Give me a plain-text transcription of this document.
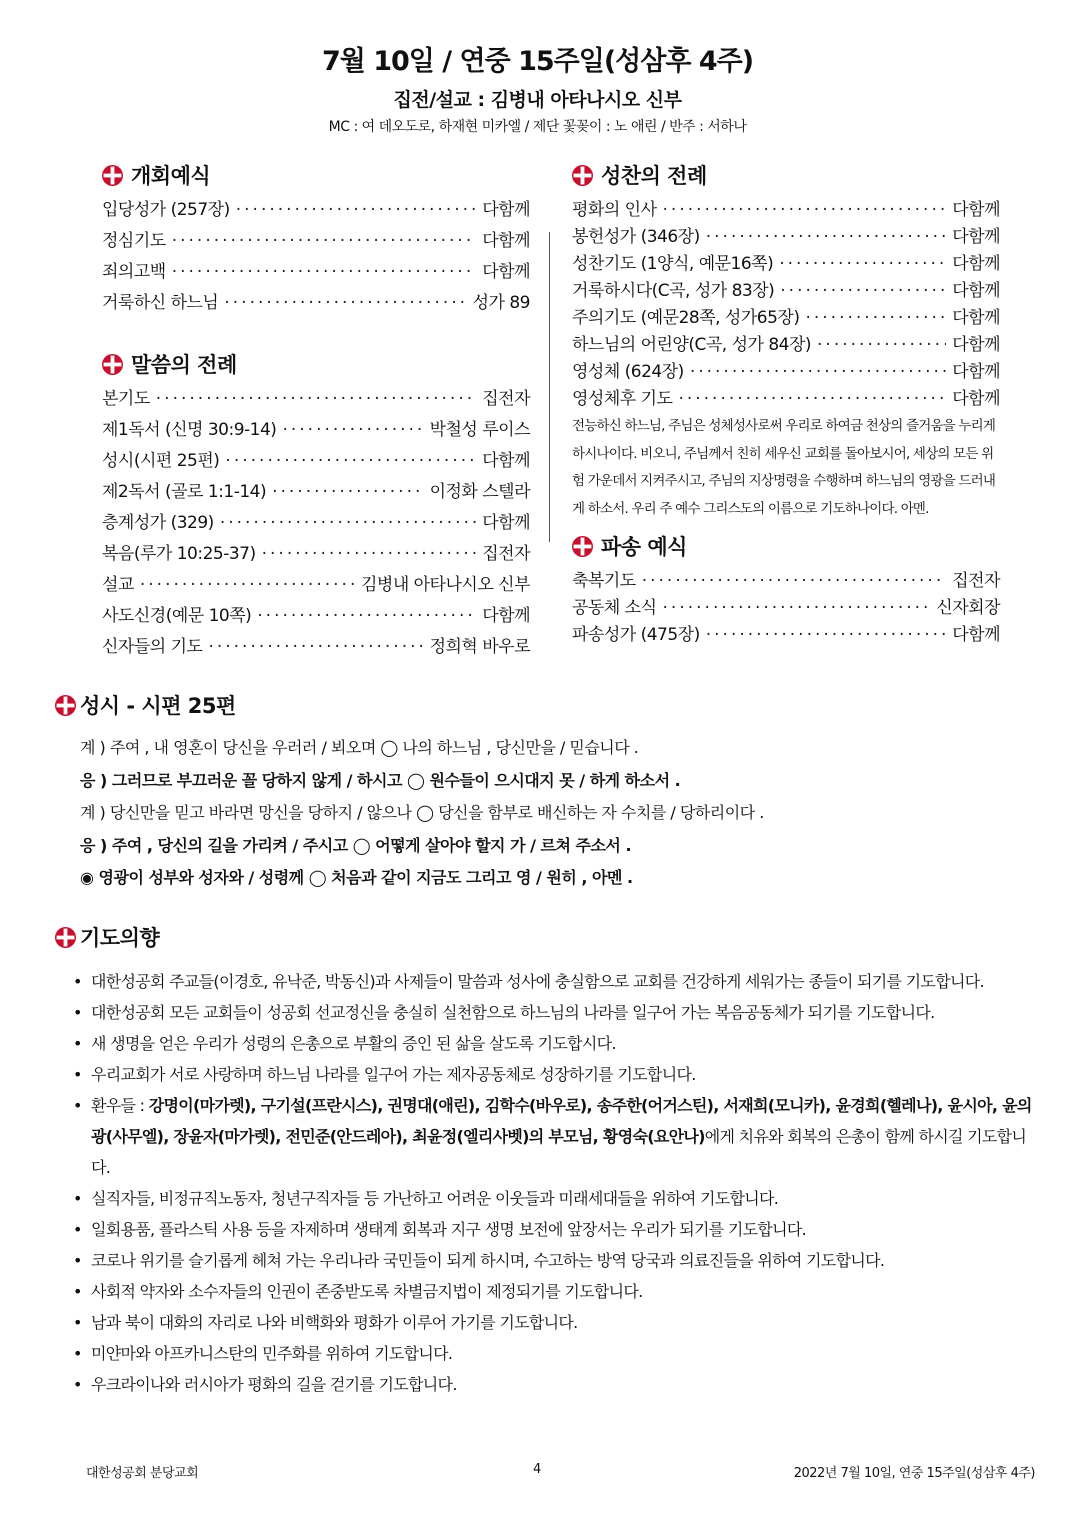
7월 10일 / 연중 15주일(성삼후 4주)
집전/설교 : 김병내 아타나시오 신부
MC : 여 데오도로, 하재현 미카엘 / 제단 꽃꽂이 : 노 애린 / 반주 : 서하나
개회예식
입당성가 (257장) ·····	다함께
정심기도 ·····	다함께
죄의고백 ·····	다함께
거룩하신 하느님 ·····	성가 89
말씀의 전례
본기도 ·····	집전자
제1독서 (신명 30:9-14) ·····	박철성 루이스
성시(시편 25편) ·····	다함께
제2독서 (골로 1:1-14) ·····	이정화 스텔라
층계성가 (329) ·····	다함께
복음(루가 10:25-37) ·····	집전자
설교 ·····	김병내 아타나시오 신부
사도신경(예문 10쪽) ·····	다함께
신자들의 기도 ·····	정희혁 바우로
성찬의 전례
평화의 인사 ·····	다함께
봉헌성가 (346장) ·····	다함께
성찬기도 (1양식, 예문16쪽) ·····	다함께
거룩하시다(C곡, 성가 83장) ·····	다함께
주의기도 (예문28쪽, 성가65장) ·····	다함께
하느님의 어린양(C곡, 성가 84장) ·····	다함께
영성체 (624장) ·····	다함께
영성체후 기도 ·····	다함께
전능하신 하느님, 주님은 성체성사로써 우리로 하여금 천상의 즐거움을 누리게 하시나이다. 비오니, 주님께서 친히 세우신 교회를 돌아보시어, 세상의 모든 위험 가운데서 지켜주시고, 주님의 지상명령을 수행하며 하느님의 영광을 드러내게 하소서. 우리 주 예수 그리스도의 이름으로 기도하나이다. 아멘.
파송 예식
축복기도 ·····	집전자
공동체 소식 ·····	신자회장
파송성가 (475장) ·····	다함께
성시 - 시편 25편
계 ) 주여 , 내 영혼이 당신을 우러러 / 뵈오며 ◯ 나의 하느님 , 당신만을 / 믿습니다 .
응 ) 그러므로 부끄러운 꼴 당하지 않게 / 하시고 ◯ 원수들이 으시대지 못 / 하게 하소서 .
계 ) 당신만을 믿고 바라면 망신을 당하지 / 않으나 ◯ 당신을 함부로 배신하는 자 수치를 / 당하리이다 .
응 ) 주여 , 당신의 길을 가리켜 / 주시고 ◯ 어떻게 살아야 할지 가 / 르쳐 주소서 .
◉ 영광이 성부와 성자와 / 성령께 ◯ 처음과 같이 지금도 그리고 영 / 원히 , 아멘 .
기도의향
• 대한성공회 주교들(이경호, 유낙준, 박동신)과 사제들이 말씀과 성사에 충실함으로 교회를 건강하게 세워가는 종들이 되기를 기도합니다.
• 대한성공회 모든 교회들이 성공회 선교정신을 충실히 실천함으로 하느님의 나라를 일구어 가는 복음공동체가 되기를 기도합니다.
• 새 생명을 얻은 우리가 성령의 은총으로 부활의 증인 된 삶을 살도록 기도합시다.
• 우리교회가 서로 사랑하며 하느님 나라를 일구어 가는 제자공동체로 성장하기를 기도합니다.
• 환우들 : 강명이(마가렛), 구기설(프란시스), 권명대(애린), 김학수(바우로), 송주한(어거스틴), 서재희(모니카), 윤경희(헬레나), 윤시아, 윤의광(사무엘), 장윤자(마가렛), 전민준(안드레아), 최윤정(엘리사벳)의 부모님, 황영숙(요안나)에게 치유와 회복의 은총이 함께 하시길 기도합니다.
• 실직자들, 비정규직노동자, 청년구직자들 등 가난하고 어려운 이웃들과 미래세대들을 위하여 기도합니다.
• 일회용품, 플라스틱 사용 등을 자제하며 생태계 회복과 지구 생명 보전에 앞장서는 우리가 되기를 기도합니다.
• 코로나 위기를 슬기롭게 헤쳐 가는 우리나라 국민들이 되게 하시며, 수고하는 방역 당국과 의료진들을 위하여 기도합니다.
• 사회적 약자와 소수자들의 인권이 존중받도록 차별금지법이 제정되기를 기도합니다.
• 남과 북이 대화의 자리로 나와 비핵화와 평화가 이루어 가기를 기도합니다.
• 미얀마와 아프카니스탄의 민주화를 위하여 기도합니다.
• 우크라이나와 러시아가 평화의 길을 걷기를 기도합니다.
대한성공회 분당교회	4	2022년 7월 10일, 연중 15주일(성삼후 4주)
